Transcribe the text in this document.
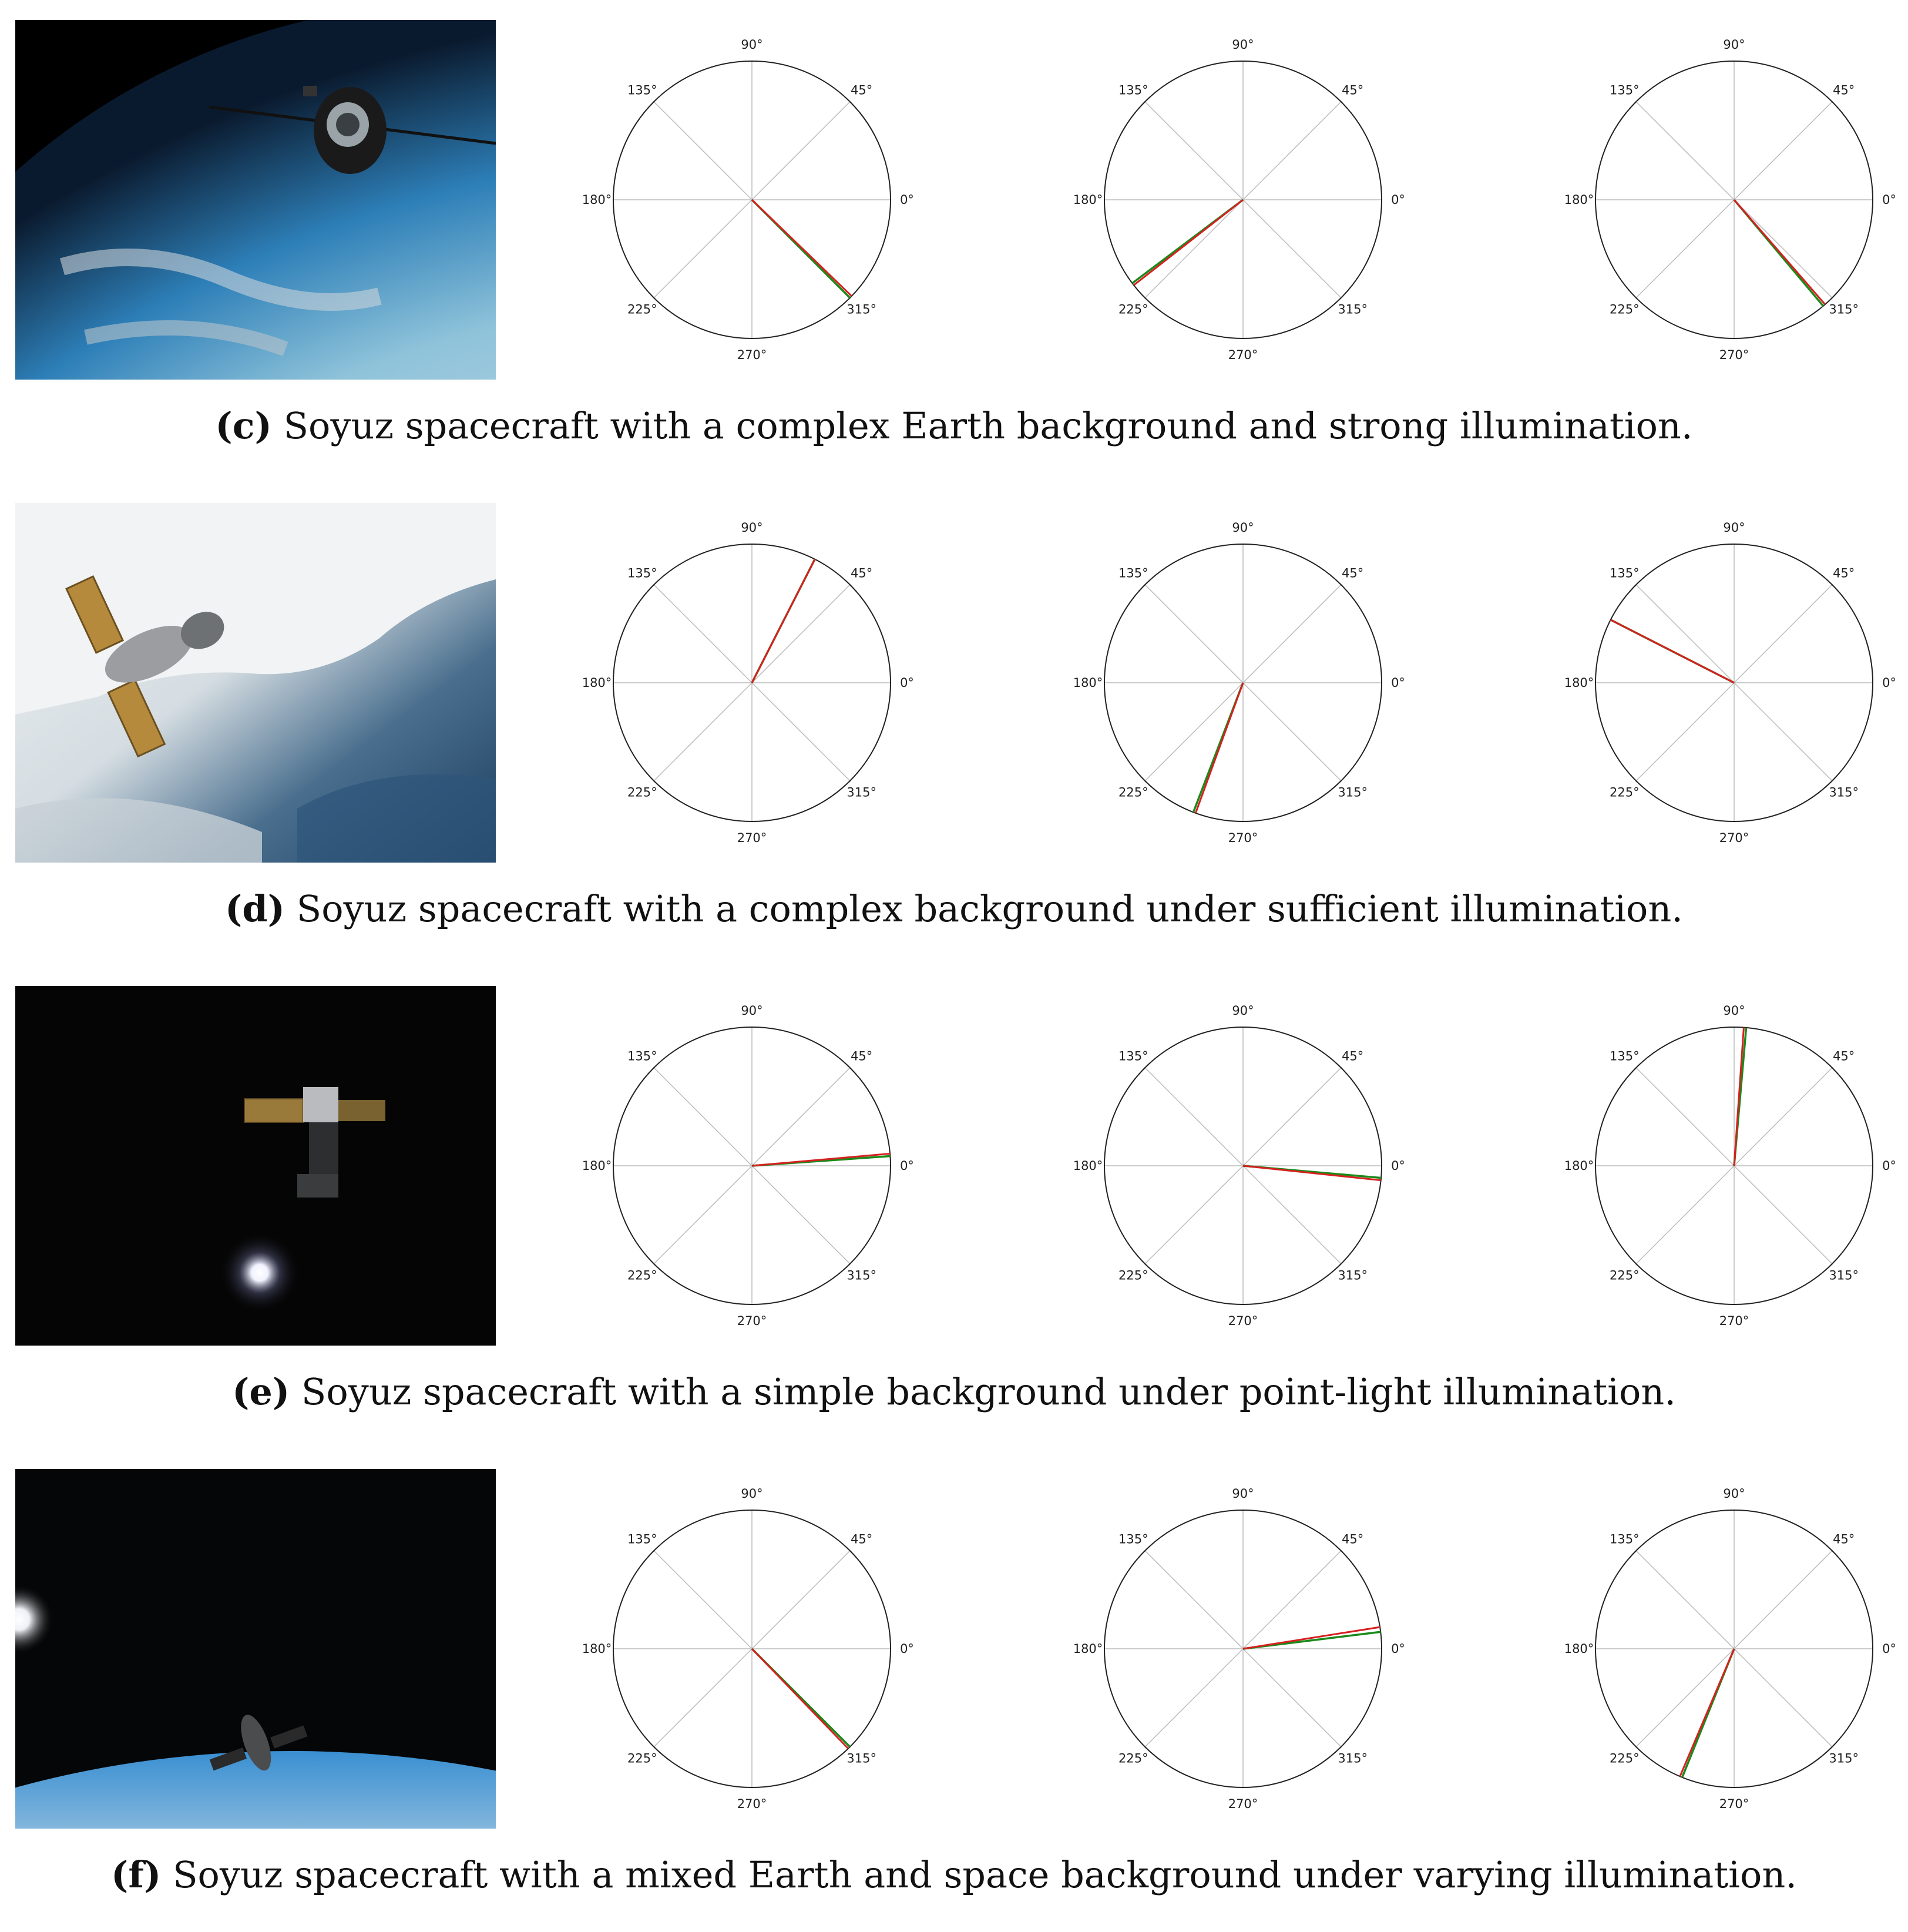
0°
45°
90°
135°
180°
225°
270°
315°
0°
45°
90°
135°
180°
225°
270°
315°
0°
45°
90°
135°
180°
225°
270°
315°
(c) Soyuz spacecraft with a complex Earth background and strong illumination.
0°
45°
90°
135°
180°
225°
270°
315°
0°
45°
90°
135°
180°
225°
270°
315°
0°
45°
90°
135°
180°
225°
270°
315°
(d) Soyuz spacecraft with a complex background under sufficient illumination.
0°
45°
90°
135°
180°
225°
270°
315°
0°
45°
90°
135°
180°
225°
270°
315°
0°
45°
90°
135°
180°
225°
270°
315°
(e) Soyuz spacecraft with a simple background under point-light illumination.
0°
45°
90°
135°
180°
225°
270°
315°
0°
45°
90°
135°
180°
225°
270°
315°
0°
45°
90°
135°
180°
225°
270°
315°
(f) Soyuz spacecraft with a mixed Earth and space background under varying illumination.
